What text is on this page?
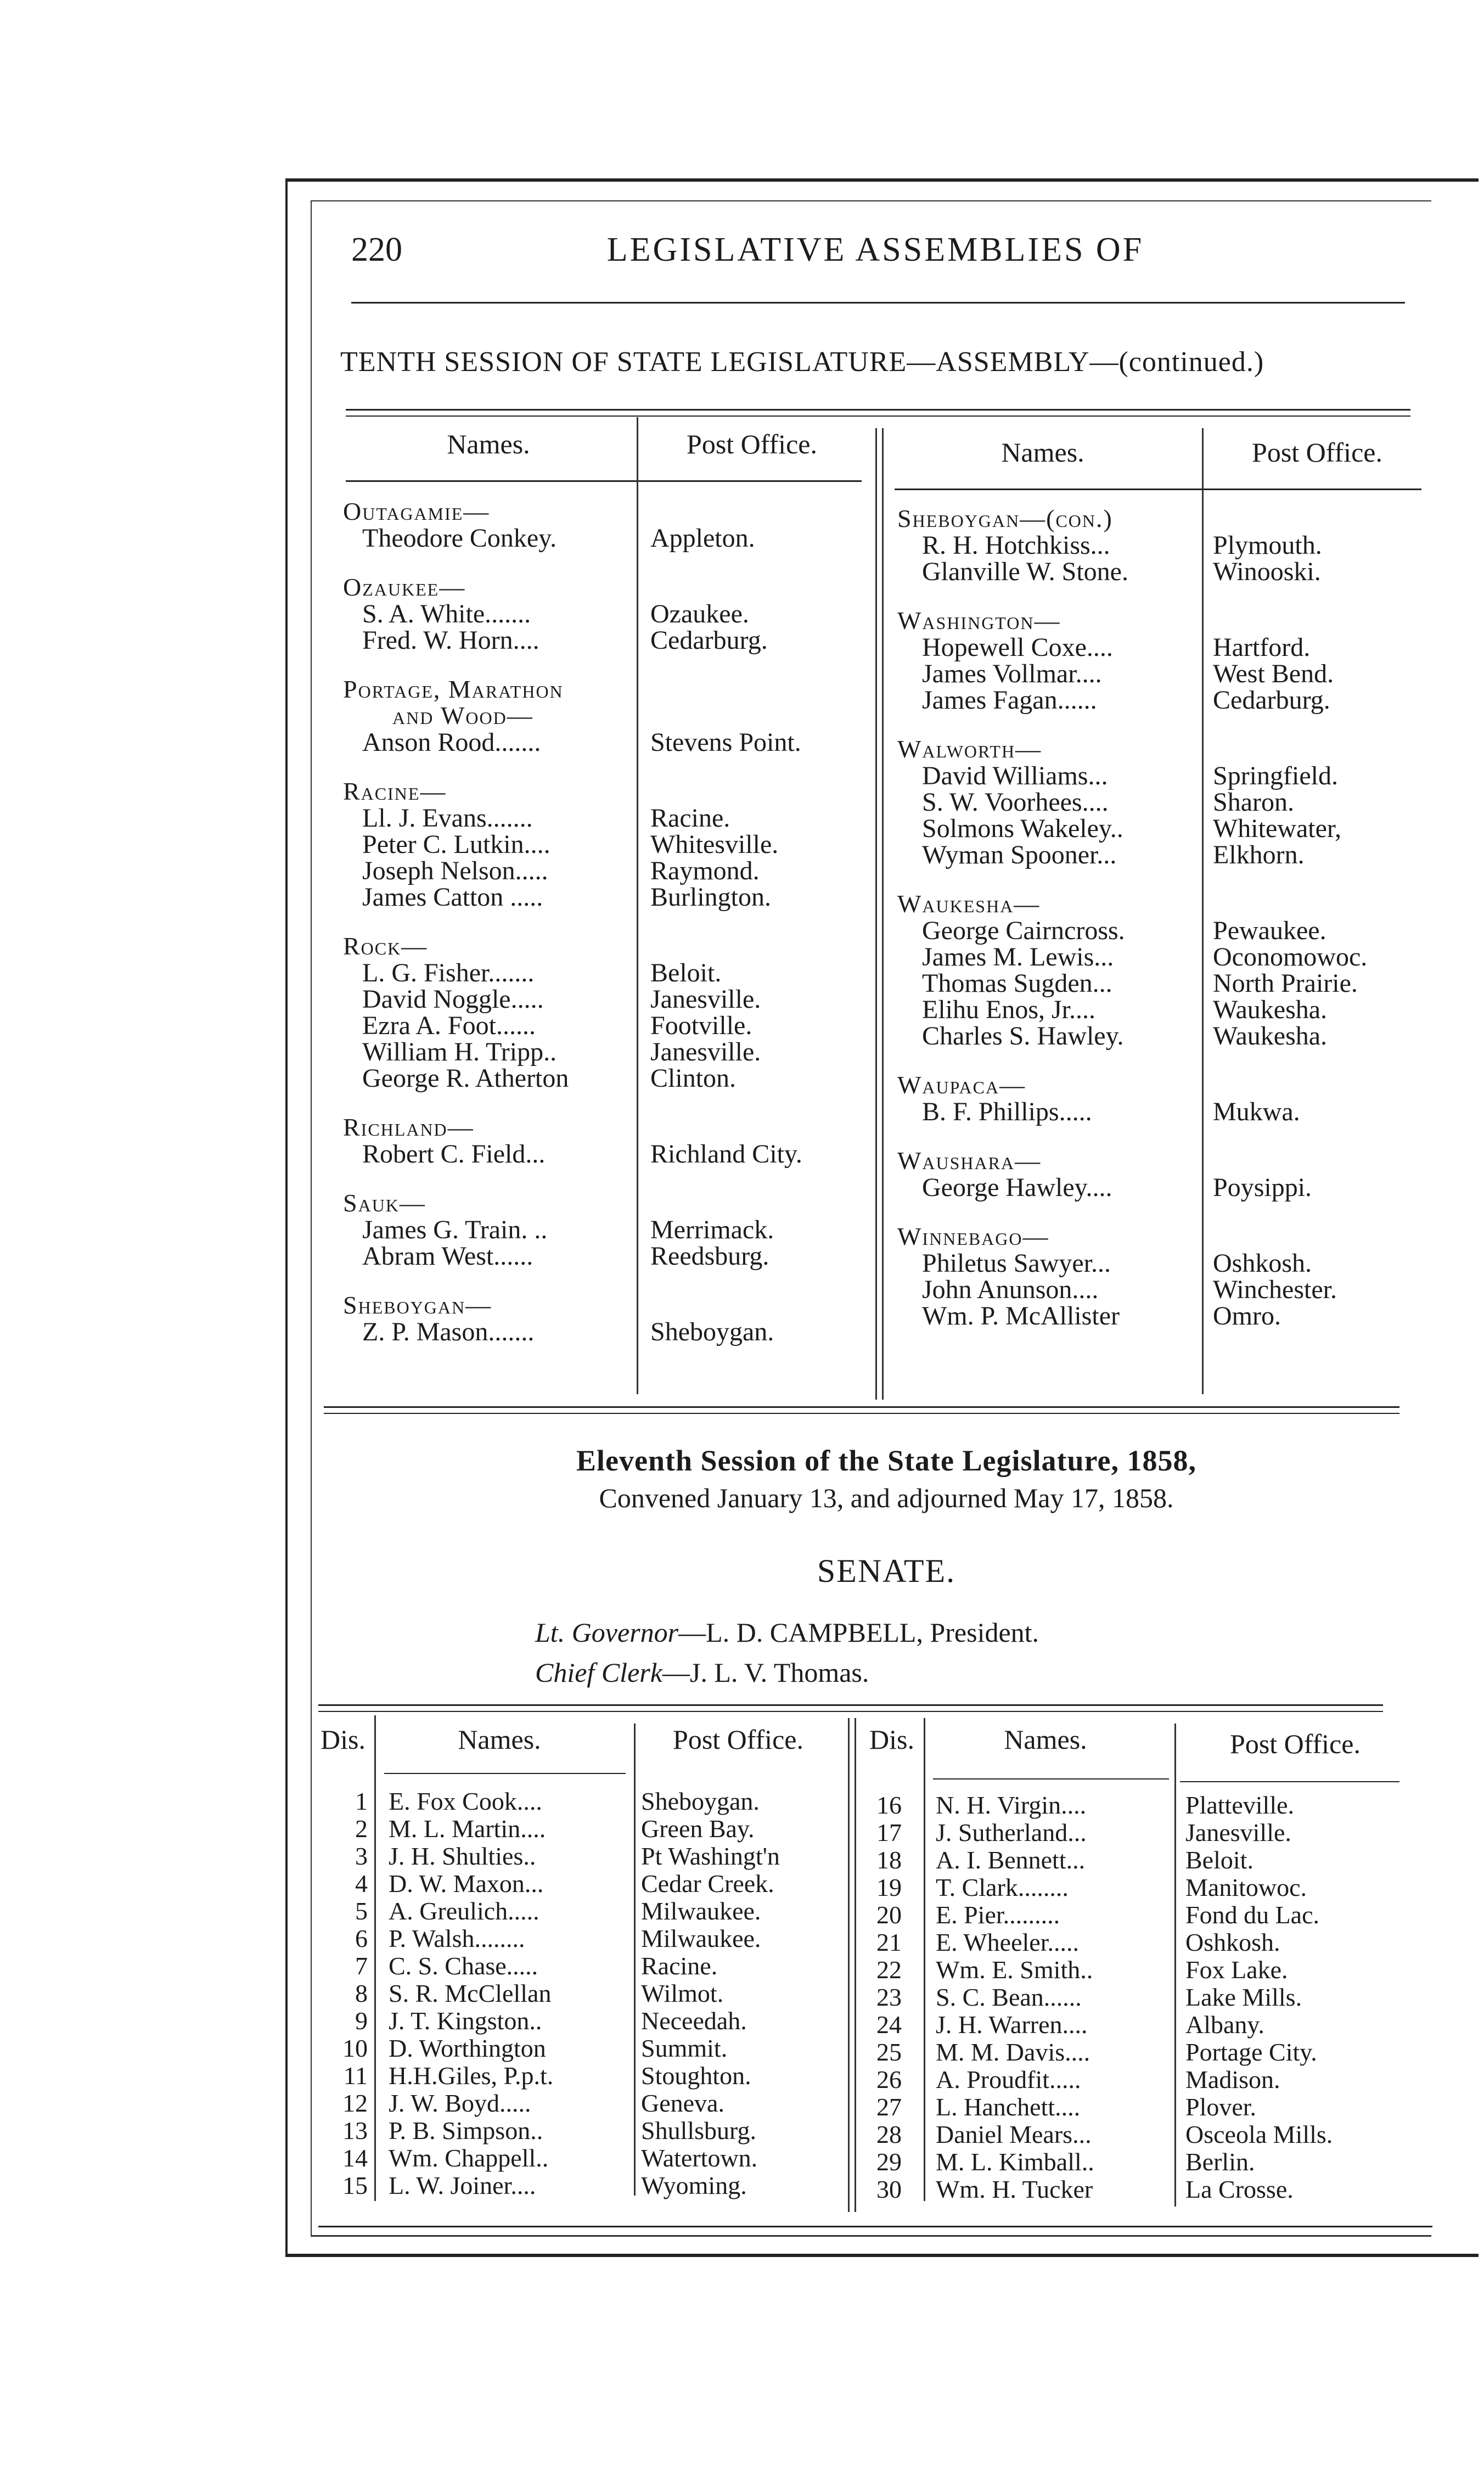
220	LEGISLATIVE ASSEMBLIES OF
TENTH SESSION OF STATE LEGISLATURE—ASSEMBLY—(continued.)
Names.	Post Office.	Names.	Post Office.
Outagamie—
Theodore Conkey.	Appleton.
Ozaukee—
S. A. White.......	Ozaukee.
Fred. W. Horn....	Cedarburg.
Portage, Marathon
and Wood—
Anson Rood.......	Stevens Point.
Racine—
Ll. J. Evans.......	Racine.
Peter C. Lutkin....	Whitesville.
Joseph Nelson.....	Raymond.
James Catton .....	Burlington.
Rock—
L. G. Fisher.......	Beloit.
David Noggle.....	Janesville.
Ezra A. Foot......	Footville.
William H. Tripp..	Janesville.
George R. Atherton	Clinton.
Richland—
Robert C. Field...	Richland City.
Sauk—
James G. Train. ..	Merrimack.
Abram West......	Reedsburg.
Sheboygan—
Z. P. Mason.......	Sheboygan.
Sheboygan—(con.)
R. H. Hotchkiss...	Plymouth.
Glanville W. Stone.	Winooski.
Washington—
Hopewell Coxe....	Hartford.
James Vollmar....	West Bend.
James Fagan......	Cedarburg.
Walworth—
David Williams...	Springfield.
S. W. Voorhees....	Sharon.
Solmons Wakeley..	Whitewater,
Wyman Spooner...	Elkhorn.
Waukesha—
George Cairncross.	Pewaukee.
James M. Lewis...	Oconomowoc.
Thomas Sugden...	North Prairie.
Elihu Enos, Jr....	Waukesha.
Charles S. Hawley.	Waukesha.
Waupaca—
B. F. Phillips.....	Mukwa.
Waushara—
George Hawley....	Poysippi.
Winnebago—
Philetus Sawyer...	Oshkosh.
John Anunson....	Winchester.
Wm. P. McAllister	Omro.
Eleventh Session of the State Legislature, 1858,
Convened January 13, and adjourned May 17, 1858.
SENATE.
Lt. Governor—L. D. CAMPBELL, President.
Chief Clerk—J. L. V. Thomas.
Dis.	Names.	Post Office.	Dis.	Names.	Post Office.
1 E. Fox Cook....	Sheboygan.
2 M. L. Martin....	Green Bay.
3 J. H. Shulties..	Pt Washingt'n
4 D. W. Maxon...	Cedar Creek.
5 A. Greulich.....	Milwaukee.
6 P. Walsh........	Milwaukee.
7 C. S. Chase.....	Racine.
8 S. R. McClellan	Wilmot.
9 J. T. Kingston..	Neceedah.
10 D. Worthington	Summit.
11 H.H.Giles, P.p.t.	Stoughton.
12 J. W. Boyd.....	Geneva.
13 P. B. Simpson..	Shullsburg.
14 Wm. Chappell..	Watertown.
15 L. W. Joiner....	Wyoming.
16	N. H. Virgin....	Platteville.
17	J. Sutherland...	Janesville.
18	A. I. Bennett...	Beloit.
19	T. Clark........	Manitowoc.
20	E. Pier.........	Fond du Lac.
21	E. Wheeler.....	Oshkosh.
22	Wm. E. Smith..	Fox Lake.
23	S. C. Bean......	Lake Mills.
24	J. H. Warren....	Albany.
25	M. M. Davis....	Portage City.
26	A. Proudfit.....	Madison.
27	L. Hanchett....	Plover.
28	Daniel Mears...	Osceola Mills.
29	M. L. Kimball..	Berlin.
30	Wm. H. Tucker	La Crosse.
